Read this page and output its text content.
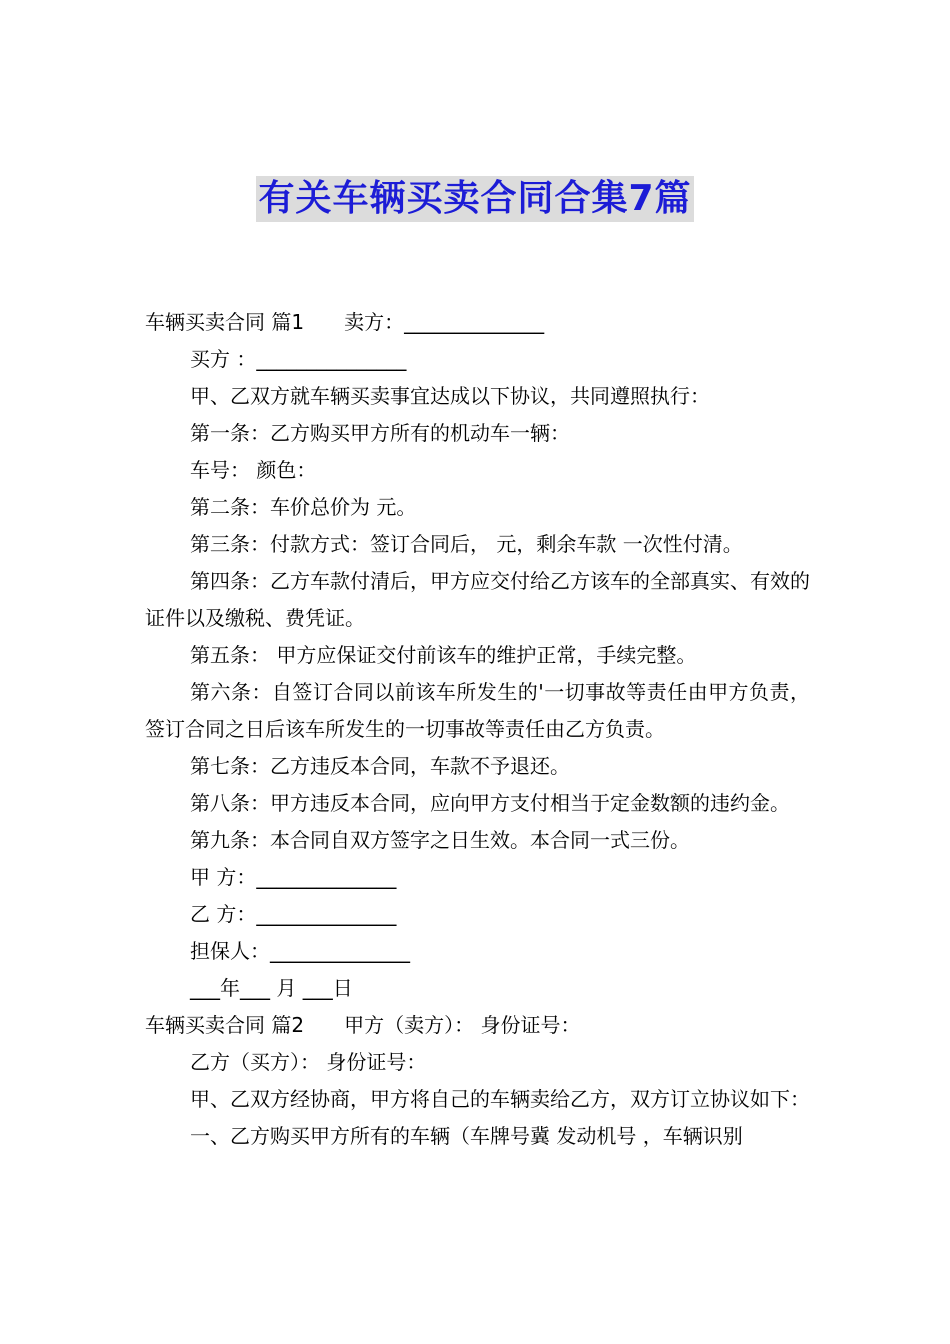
有关车辆买卖合同合集7篇

车辆买卖合同 篇1　　卖方：______________

买方 ：_______________

甲、乙双方就车辆买卖事宜达成以下协议，共同遵照执行：

第一条：乙方购买甲方所有的机动车一辆：

车号： 颜色：

第二条：车价总价为 元。

第三条：付款方式：签订合同后， 元，剩余车款 一次性付清。

第四条：乙方车款付清后，甲方应交付给乙方该车的全部真实、有效的证件以及缴税、费凭证。

第五条： 甲方应保证交付前该车的维护正常，手续完整。

第六条：自签订合同以前该车所发生的'一切事故等责任由甲方负责，签订合同之日后该车所发生的一切事故等责任由乙方负责。

第七条：乙方违反本合同，车款不予退还。

第八条：甲方违反本合同，应向甲方支付相当于定金数额的违约金。

第九条：本合同自双方签字之日生效。本合同一式三份。

甲 方：______________

乙 方：______________

担保人：______________

___年___ 月 ___日

车辆买卖合同 篇2　　甲方（卖方）： 身份证号：

乙方（买方）： 身份证号：

甲、乙双方经协商，甲方将自己的车辆卖给乙方，双方订立协议如下：

一、乙方购买甲方所有的车辆（车牌号冀 发动机号 ，车辆识别
